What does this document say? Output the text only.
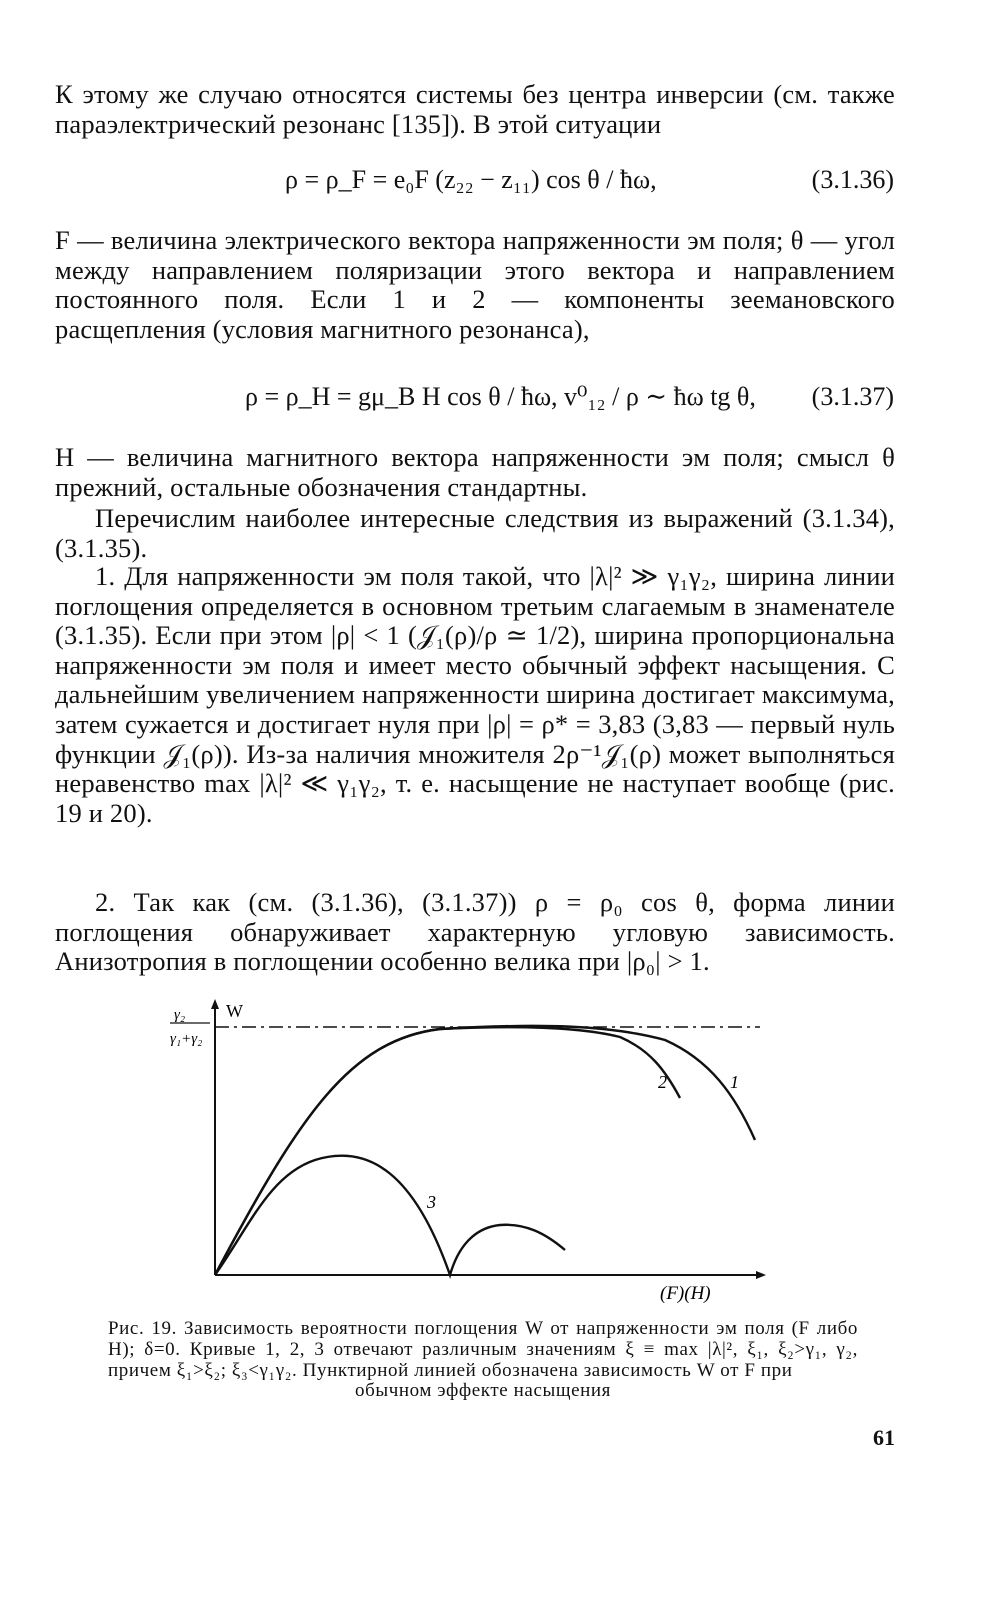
К этому же случаю относятся системы без центра инверсии (см. также параэлектрический резонанс [135]). В этой ситуации
ρ = ρ_F = e₀F (z₂₂ − z₁₁) cos θ / ħω,	(3.1.36)
F — величина электрического вектора напряженности эм поля; θ — угол между направлением поляризации этого вектора и направлением постоянного поля. Если 1 и 2 — компоненты зеемановского расщепления (условия магнитного резонанса),
ρ = ρ_H = gμ_B H cos θ / ħω, v⁰₁₂ / ρ ∼ ħω tg θ, (3.1.37)
H — величина магнитного вектора напряженности эм поля; смысл θ прежний, остальные обозначения стандартны.
Перечислим наиболее интересные следствия из выражений (3.1.34), (3.1.35).
1. Для напряженности эм поля такой, что |λ|² ≫ γ₁γ₂, ширина линии поглощения определяется в основном третьим слагаемым в знаменателе (3.1.35). Если при этом |ρ| < 1 (𝒥₁(ρ)/ρ ≃ 1/2), ширина пропорциональна напряженности эм поля и имеет место обычный эффект насыщения. С дальнейшим увеличением напряженности ширина достигает максимума, затем сужается и достигает нуля при |ρ| = ρ* = 3,83 (3,83 — первый нуль функции 𝒥₁(ρ)). Из-за наличия множителя 2ρ⁻¹𝒥₁(ρ) может выполняться неравенство max |λ|² ≪ γ₁γ₂, т. е. насыщение не наступает вообще (рис. 19 и 20).
2. Так как (см. (3.1.36), (3.1.37)) ρ = ρ₀ cos θ, форма линии поглощения обнаруживает характерную угловую зависимость. Анизотропия в поглощении особенно велика при |ρ₀| > 1.
γ₂
γ₁+γ₂
W
2	1
3
(F)(H)
Рис. 19. Зависимость вероятности поглощения W от напряженности эм поля (F либо H); δ=0. Кривые 1, 2, 3 отвечают различным значениям ξ ≡ max |λ|², ξ₁, ξ₂>γ₁, γ₂, причем ξ₁>ξ₂; ξ₃<γ₁γ₂. Пунктирной линией обозначена зависимость W от F при
обычном эффекте насыщения
61
